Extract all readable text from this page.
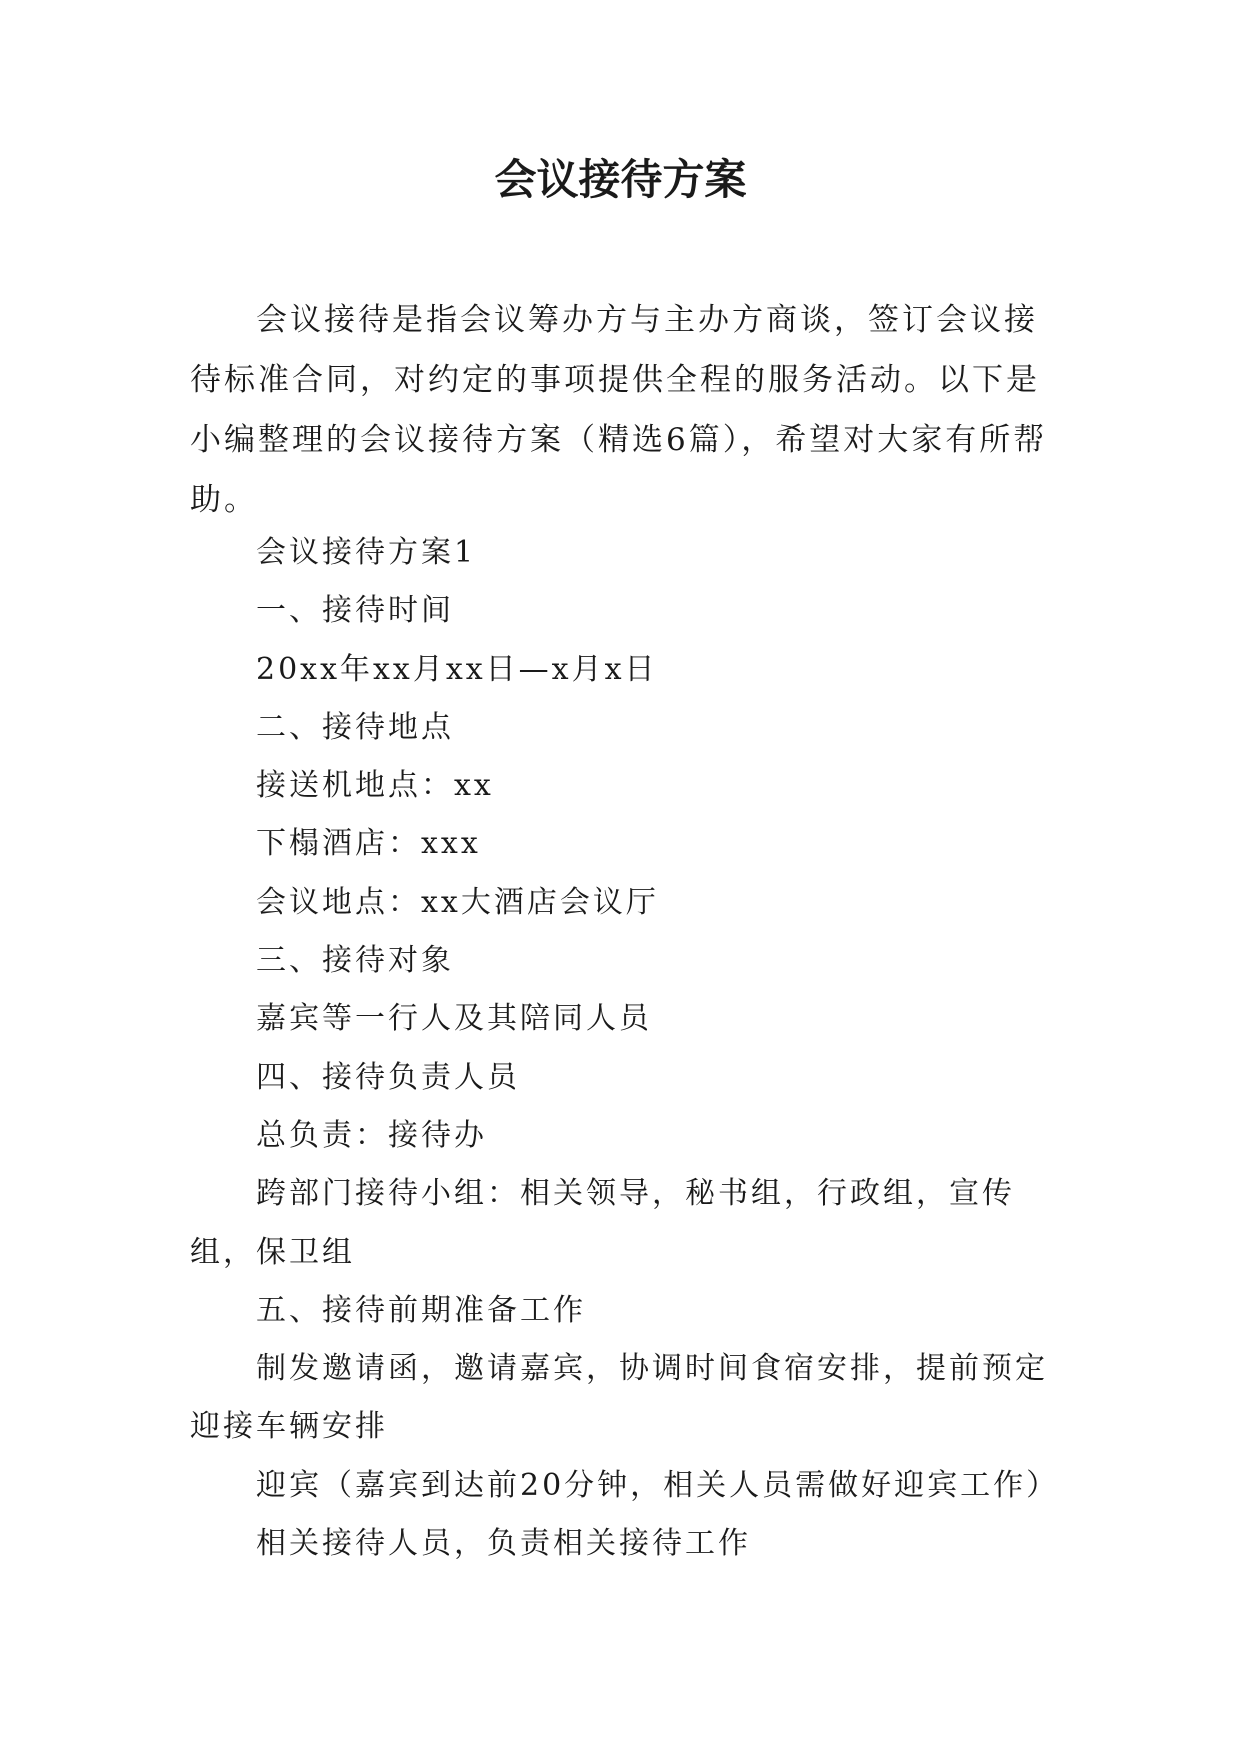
会议接待方案

会议接待是指会议筹办方与主办方商谈，签订会议接待标准合同，对约定的事项提供全程的服务活动。以下是小编整理的会议接待方案（精选6篇），希望对大家有所帮助。

会议接待方案1

一、接待时间

20xx年xx月xx日—x月x日

二、接待地点

接送机地点：xx

下榻酒店：xxx

会议地点：xx大酒店会议厅

三、接待对象

嘉宾等一行人及其陪同人员

四、接待负责人员

总负责：接待办

跨部门接待小组：相关领导，秘书组，行政组，宣传组，保卫组

五、接待前期准备工作

制发邀请函，邀请嘉宾，协调时间食宿安排，提前预定迎接车辆安排

迎宾（嘉宾到达前20分钟，相关人员需做好迎宾工作）

相关接待人员，负责相关接待工作
